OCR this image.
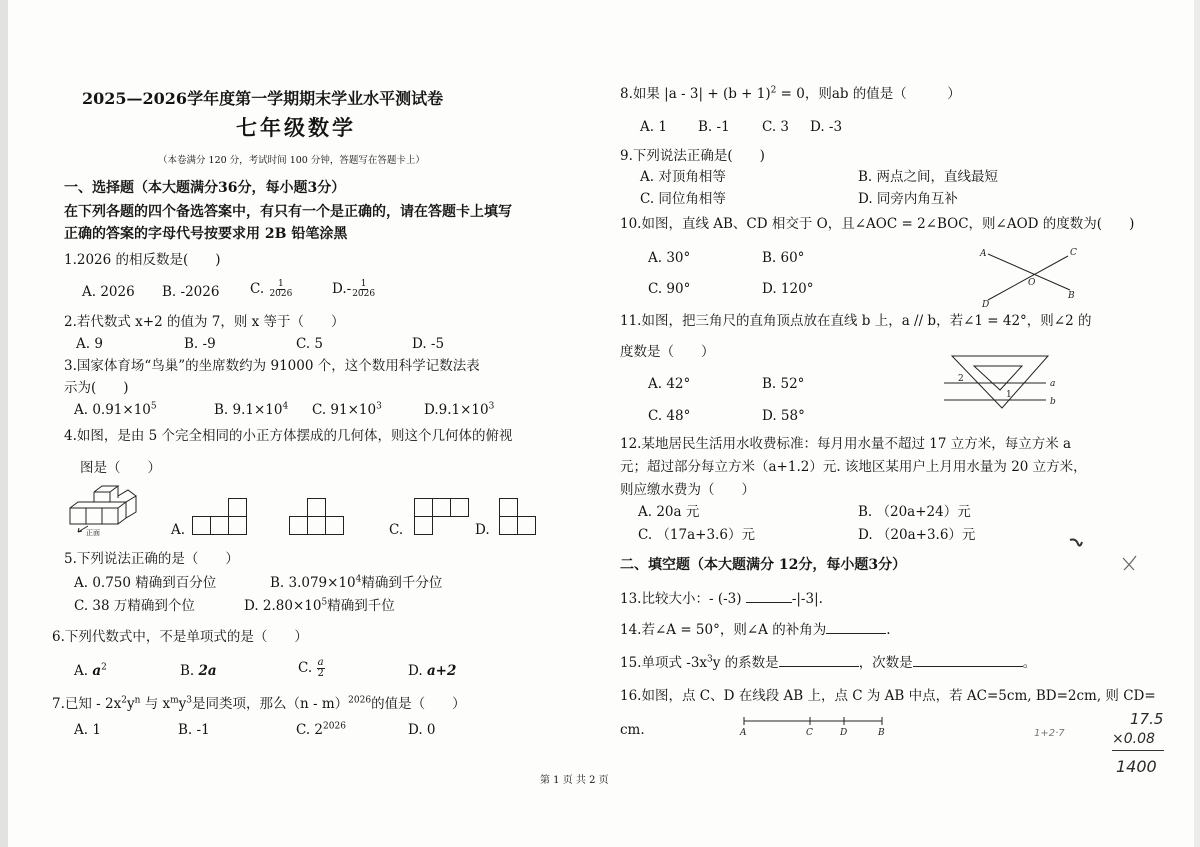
2025—2026学年度第一学期期末学业水平测试卷
七年级数学
（本卷满分 120 分，考试时间 100 分钟，答题写在答题卡上）
一、选择题（本大题满分36分，每小题3分）
在下列各题的四个备选答案中，有只有一个是正确的，请在答题卡上填写
正确的答案的字母代号按要求用 2B 铅笔涂黑
1.2026 的相反数是(　　)
A. 2026 B. -2026 C. $\frac{1}{2026}$	$D.- \frac{1}{2026}$
2.若代数式 x+2 的值为 7，则 x 等于（　　）
A. 9	B. -9	C. 5	D. -5
3.国家体育场“鸟巢”的坐席数约为 91000 个，这个数用科学记数法表
示为(　　)
A. $0.91\times 10^5$	B. $9.1\times 10^4$ C. $91\times 10^3$	$D.9.1\times 10^3$
4.如图，是由 5 个完全相同的小正方体摆成的几何体，则这个几何体的俯视
图是（　　）
正面	A.	C.	D.
5.下列说法正确的是（　　）
A. 0.750 精确到百分位	B. $3.079\times 10^4$精确到千分位
C. 38 万精确到个位	D. $2.80\times 10^5$精确到千位
6.下列代数式中，不是单项式的是（　　）
A. $a^2$	B. 2a	C. $\frac{a}{2}$	D. a+2
7.已知 - $2x^2y^n$ 与 $x^my^3$是同类项，那么（n - m）$^{2026}$的值是（　　）
A. 1	B. -1	C. $2^{2026}$	D. 0
8.如果 $|a - 3| + (b + 1)^2 = 0$，则ab 的值是（　　　）
A. 1 B. -1 C. 3 D. -3
9.下列说法正确是(　　)
A. 对顶角相等	B. 两点之间，直线最短
C. 同位角相等	D. 同旁内角互补
10.如图，直线 AB、CD 相交于 O，且∠AOC = 2∠BOC，则∠AOD 的度数为(　　)
A. 30°	B. 60°
C. 90°	D. 120°
A	C
B
D
O
11.如图，把三角尺的直角顶点放在直线 b 上，a // b，若∠1 = 42°，则∠2 的
度数是（　　）
A. 42°	B. 52°
C. 48°	D. 58°
2
1
a
b
12.某地居民生活用水收费标准：每月用水量不超过 17 立方米，每立方米 a
元；超过部分每立方米（a+1.2）元. 该地区某用户上月用水量为 20 立方米，
则应缴水费为（　　）
A. 20a 元	B. （20a+24）元
C. （17a+3.6）元	D. （20a+3.6）元
二、填空题（本大题满分 12分，每小题3分）
13.比较大小：- (-3)	-|-3|.
14.若∠A = 50°，则∠A 的补角为	.
15.单项式 $-3x^3y$ 的系数是	，次数是	。
16.如图，点 C、D 在线段 AB 上，点 C 为 AB 中点，若 AC=5cm, BD=2cm, 则 CD=
cm.	A	C	D	B
第 1 页 共 2 页
17.5
×0.08
1400
1+2·7
